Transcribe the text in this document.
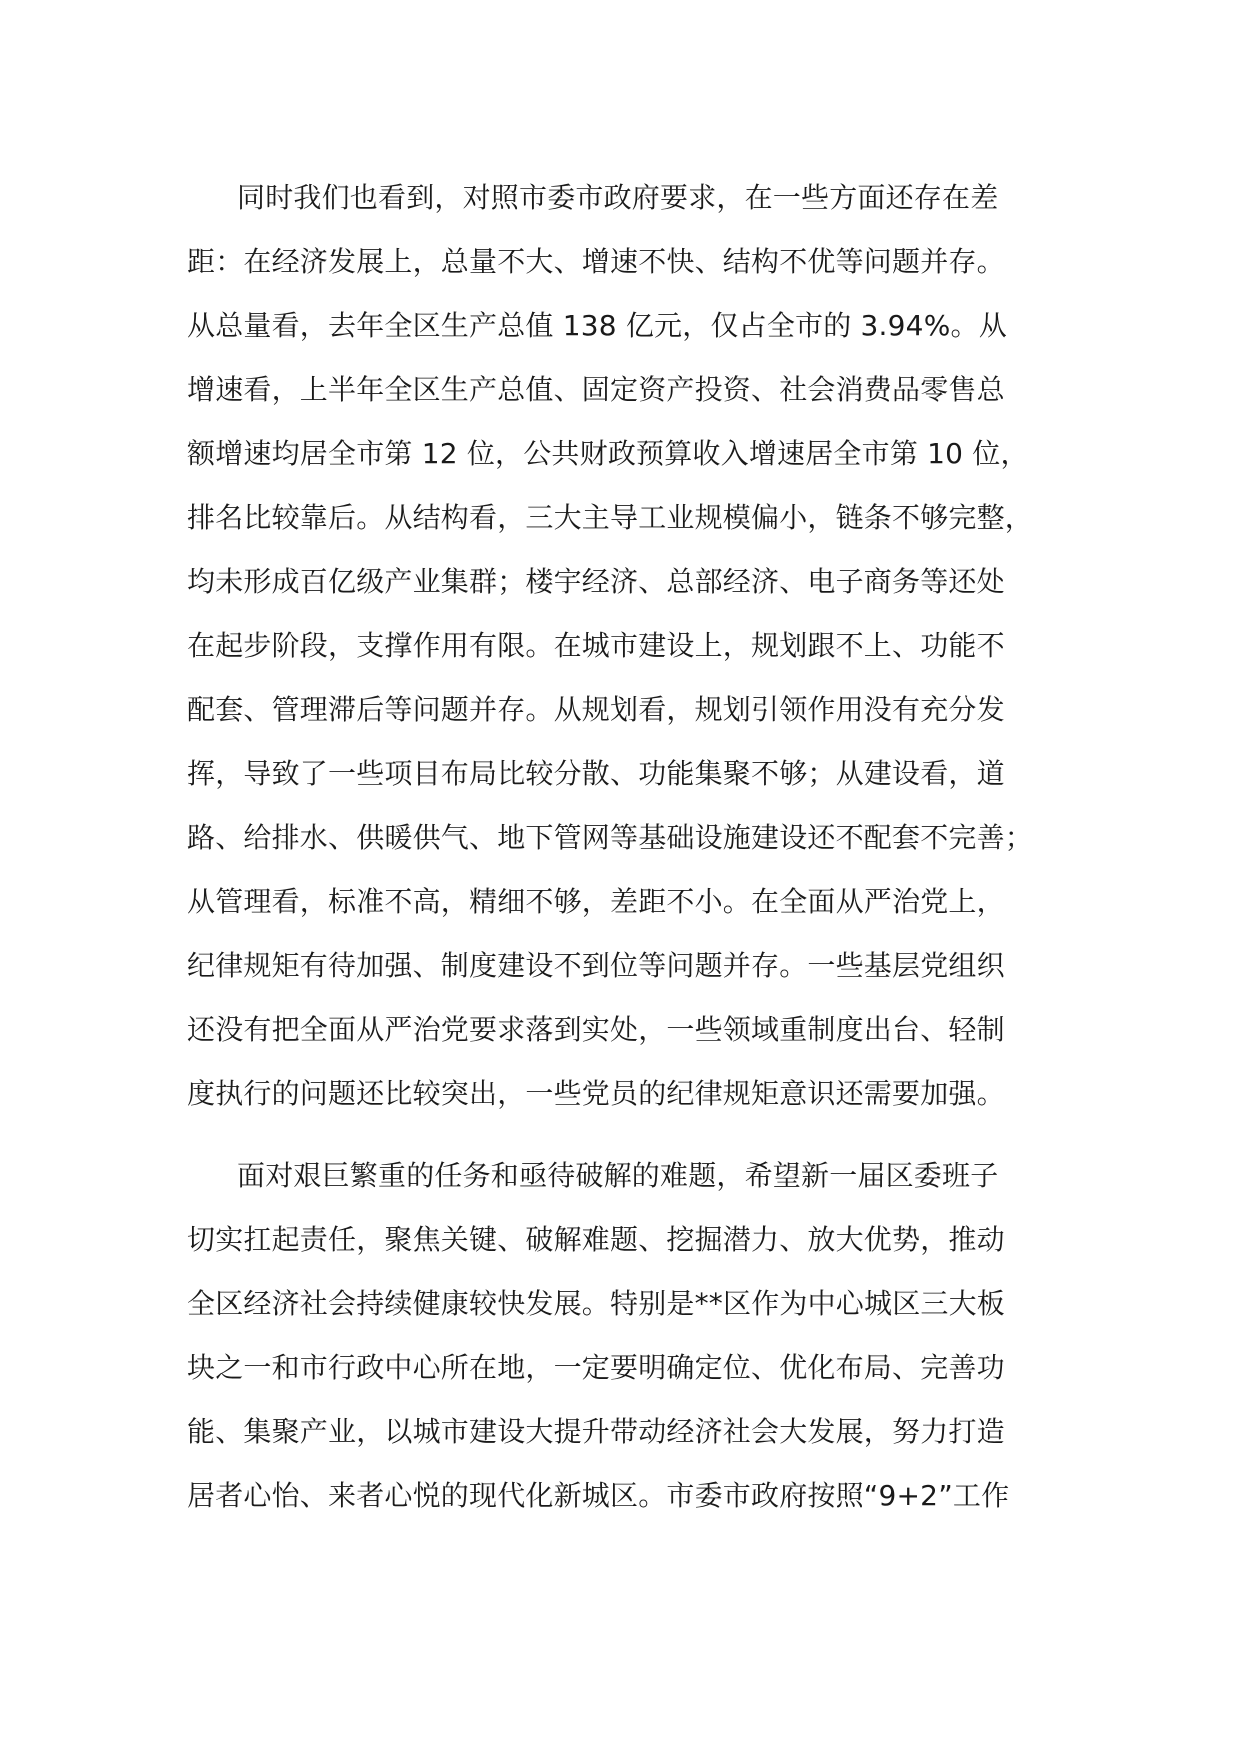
同时我们也看到，对照市委市政府要求，在一些方面还存在差
距：在经济发展上，总量不大、增速不快、结构不优等问题并存。
从总量看，去年全区生产总值 138 亿元，仅占全市的 3.94%。从
增速看，上半年全区生产总值、固定资产投资、社会消费品零售总
额增速均居全市第 12 位，公共财政预算收入增速居全市第 10 位，
排名比较靠后。从结构看，三大主导工业规模偏小，链条不够完整，
均未形成百亿级产业集群；楼宇经济、总部经济、电子商务等还处
在起步阶段，支撑作用有限。在城市建设上，规划跟不上、功能不
配套、管理滞后等问题并存。从规划看，规划引领作用没有充分发
挥，导致了一些项目布局比较分散、功能集聚不够；从建设看，道
路、给排水、供暖供气、地下管网等基础设施建设还不配套不完善；
从管理看，标准不高，精细不够，差距不小。在全面从严治党上，
纪律规矩有待加强、制度建设不到位等问题并存。一些基层党组织
还没有把全面从严治党要求落到实处，一些领域重制度出台、轻制
度执行的问题还比较突出，一些党员的纪律规矩意识还需要加强。
面对艰巨繁重的任务和亟待破解的难题，希望新一届区委班子
切实扛起责任，聚焦关键、破解难题、挖掘潜力、放大优势，推动
全区经济社会持续健康较快发展。特别是**区作为中心城区三大板
块之一和市行政中心所在地，一定要明确定位、优化布局、完善功
能、集聚产业，以城市建设大提升带动经济社会大发展，努力打造
居者心怡、来者心悦的现代化新城区。市委市政府按照“9+2”工作
